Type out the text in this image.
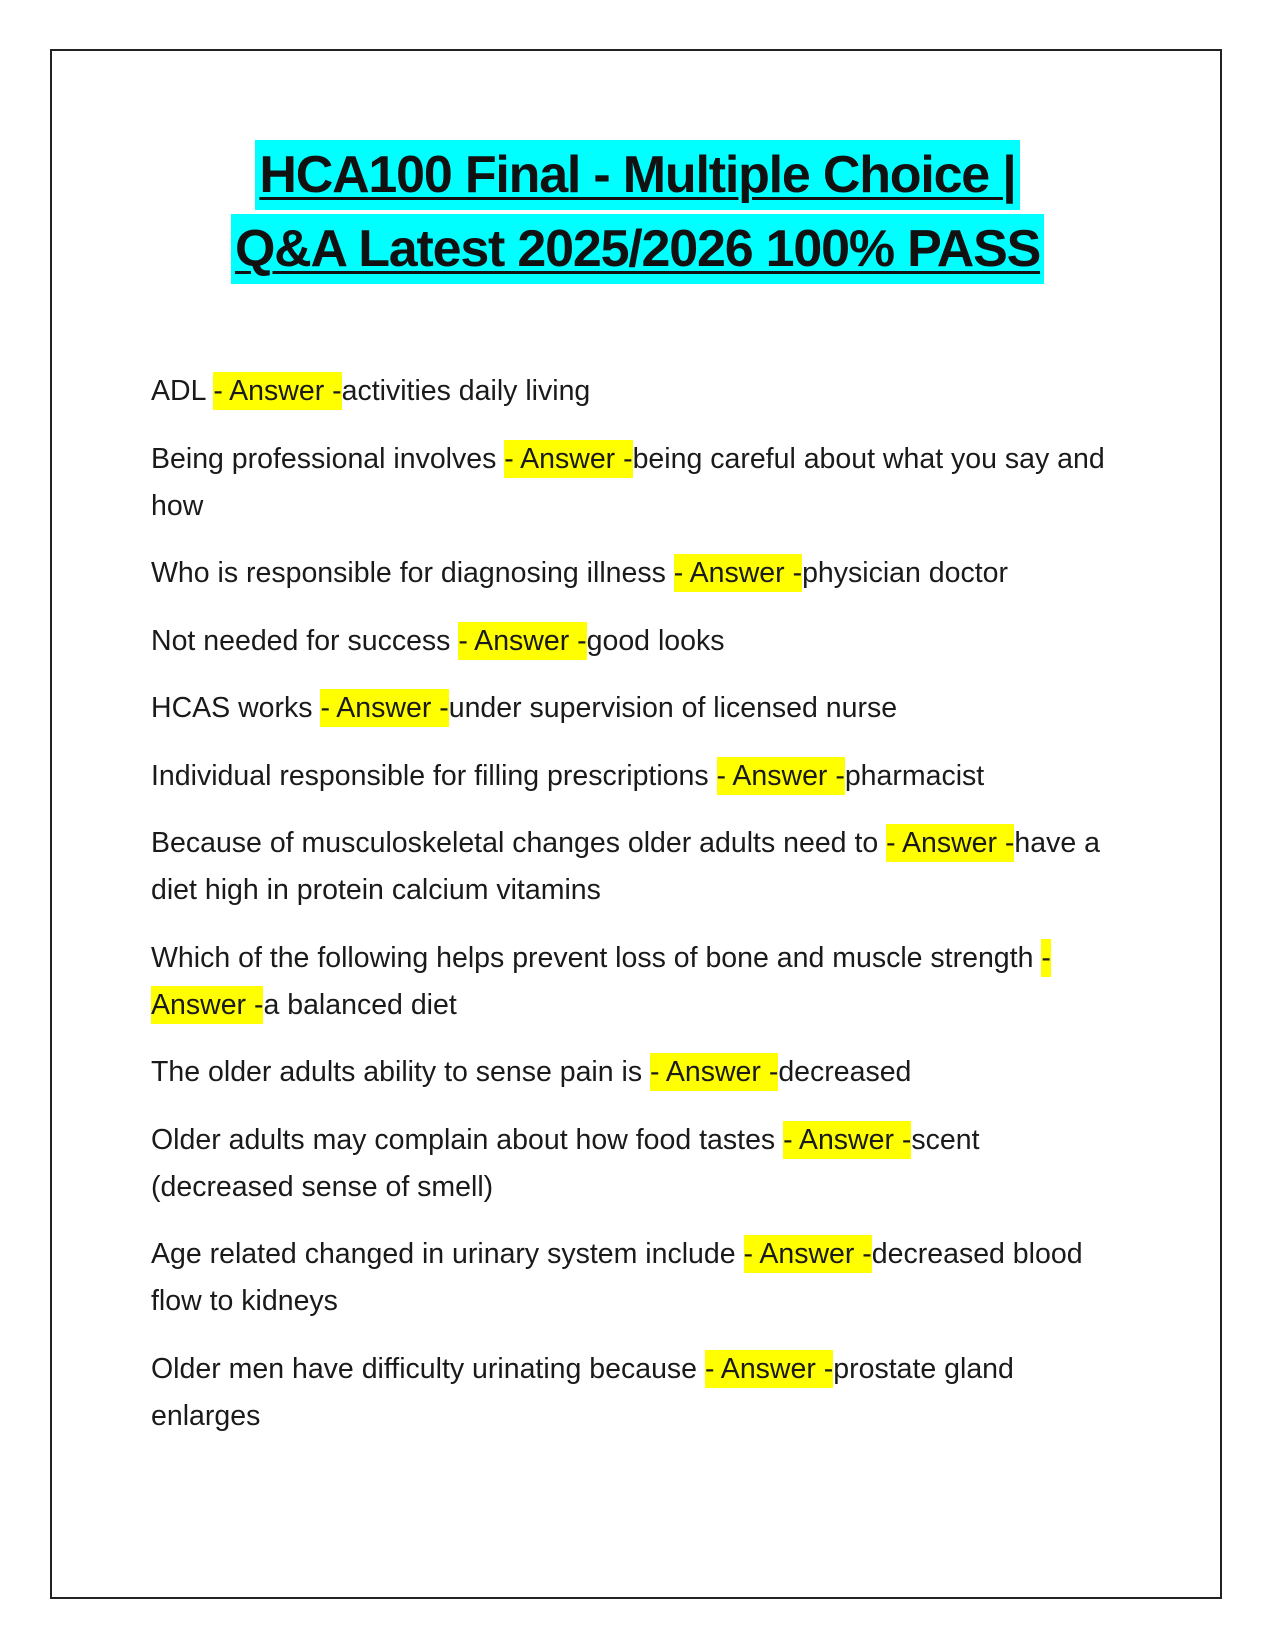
HCA100 Final - Multiple Choice |
Q&A Latest 2025/2026 100% PASS
ADL - Answer -activities daily living
Being professional involves - Answer -being careful about what you say and how
Who is responsible for diagnosing illness - Answer -physician doctor
Not needed for success - Answer -good looks
HCAS works - Answer -under supervision of licensed nurse
Individual responsible for filling prescriptions - Answer -pharmacist
Because of musculoskeletal changes older adults need to - Answer -have a diet high in protein calcium vitamins
Which of the following helps prevent loss of bone and muscle strength - Answer -a balanced diet
The older adults ability to sense pain is - Answer -decreased
Older adults may complain about how food tastes - Answer -scent (decreased sense of smell)
Age related changed in urinary system include - Answer -decreased blood flow to kidneys
Older men have difficulty urinating because - Answer -prostate gland enlarges
